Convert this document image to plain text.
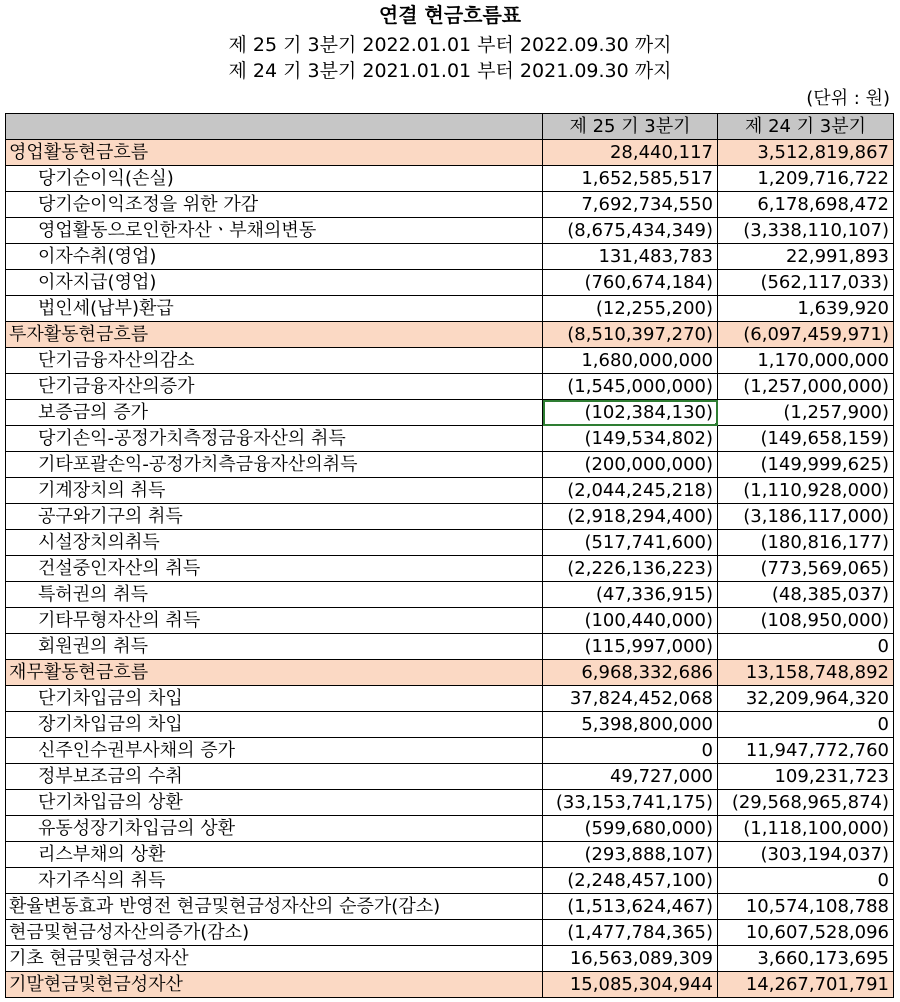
연결 현금흐름표
제 25 기 3분기 2022.01.01 부터 2022.09.30 까지
제 24 기 3분기 2021.01.01 부터 2021.09.30 까지
(단위 : 원)
	제 25 기 3분기	제 24 기 3분기
영업활동현금흐름	28,440,117	3,512,819,867
당기순이익(손실)	1,652,585,517	1,209,716,722
당기순이익조정을 위한 가감	7,692,734,550	6,178,698,472
영업활동으로인한자산ㆍ부채의변동	(8,675,434,349)	(3,338,110,107)
이자수취(영업)	131,483,783	22,991,893
이자지급(영업)	(760,674,184)	(562,117,033)
법인세(납부)환급	(12,255,200)	1,639,920
투자활동현금흐름	(8,510,397,270)	(6,097,459,971)
단기금융자산의감소	1,680,000,000	1,170,000,000
단기금융자산의증가	(1,545,000,000)	(1,257,000,000)
보증금의 증가	(102,384,130)	(1,257,900)
당기손익-공정가치측정금융자산의 취득	(149,534,802)	(149,658,159)
기타포괄손익-공정가치측금융자산의취득	(200,000,000)	(149,999,625)
기계장치의 취득	(2,044,245,218)	(1,110,928,000)
공구와기구의 취득	(2,918,294,400)	(3,186,117,000)
시설장치의취득	(517,741,600)	(180,816,177)
건설중인자산의 취득	(2,226,136,223)	(773,569,065)
특허권의 취득	(47,336,915)	(48,385,037)
기타무형자산의 취득	(100,440,000)	(108,950,000)
회원권의 취득	(115,997,000)	0
재무활동현금흐름	6,968,332,686	13,158,748,892
단기차입금의 차입	37,824,452,068	32,209,964,320
장기차입금의 차입	5,398,800,000	0
신주인수권부사채의 증가	0	11,947,772,760
정부보조금의 수취	49,727,000	109,231,723
단기차입금의 상환	(33,153,741,175)	(29,568,965,874)
유동성장기차입금의 상환	(599,680,000)	(1,118,100,000)
리스부채의 상환	(293,888,107)	(303,194,037)
자기주식의 취득	(2,248,457,100)	0
환율변동효과 반영전 현금및현금성자산의 순증가(감소)	(1,513,624,467)	10,574,108,788
현금및현금성자산의증가(감소)	(1,477,784,365)	10,607,528,096
기초 현금및현금성자산	16,563,089,309	3,660,173,695
기말현금및현금성자산	15,085,304,944	14,267,701,791
